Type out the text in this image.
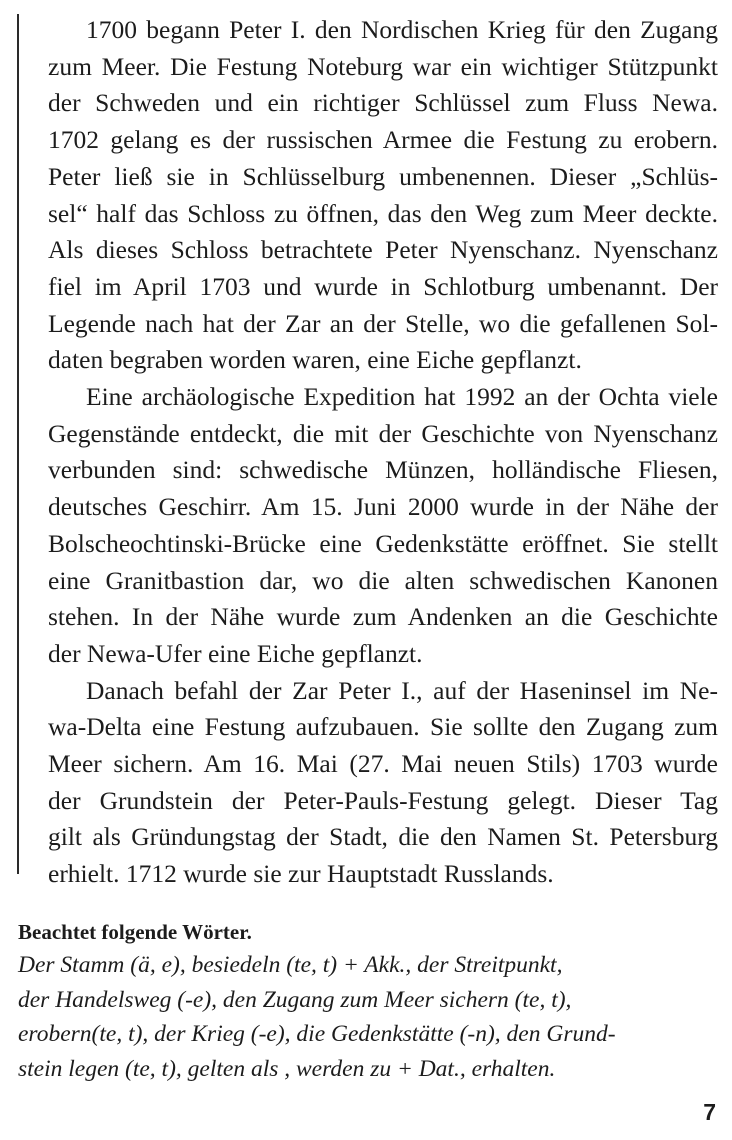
1700 begann Peter I. den Nordischen Krieg für den Zugang
zum Meer. Die Festung Noteburg war ein wichtiger Stützpunkt
der Schweden und ein richtiger Schlüssel zum Fluss Newa.
1702 gelang es der russischen Armee die Festung zu erobern.
Peter ließ sie in Schlüsselburg umbenennen. Dieser „Schlüs-
sel“ half das Schloss zu öffnen, das den Weg zum Meer deckte.
Als dieses Schloss betrachtete Peter Nyenschanz. Nyenschanz
fiel im April 1703 und wurde in Schlotburg umbenannt. Der
Legende nach hat der Zar an der Stelle, wo die gefallenen Sol-
daten begraben worden waren, eine Eiche gepflanzt.
Eine archäologische Expedition hat 1992 an der Ochta viele
Gegenstände entdeckt, die mit der Geschichte von Nyenschanz
verbunden sind: schwedische Münzen, holländische Fliesen,
deutsches Geschirr. Am 15. Juni 2000 wurde in der Nähe der
Bolscheochtinski-Brücke eine Gedenkstätte eröffnet. Sie stellt
eine Granitbastion dar, wo die alten schwedischen Kanonen
stehen. In der Nähe wurde zum Andenken an die Geschichte
der Newa-Ufer eine Eiche gepflanzt.
Danach befahl der Zar Peter I., auf der Haseninsel im Ne-
wa-Delta eine Festung aufzubauen. Sie sollte den Zugang zum
Meer sichern. Am 16. Mai (27. Mai neuen Stils) 1703 wurde
der Grundstein der Peter-Pauls-Festung gelegt. Dieser Tag
gilt als Gründungstag der Stadt, die den Namen St. Petersburg
erhielt. 1712 wurde sie zur Hauptstadt Russlands.
Beachtet folgende Wörter.
Der Stamm (ä, e), besiedeln (te, t) + Akk., der Streitpunkt,
der Handelsweg (-e), den Zugang zum Meer sichern (te, t),
erobern(te, t), der Krieg (-e), die Gedenkstätte (-n), den Grund-
stein legen (te, t), gelten als , werden zu + Dat., erhalten.
7
